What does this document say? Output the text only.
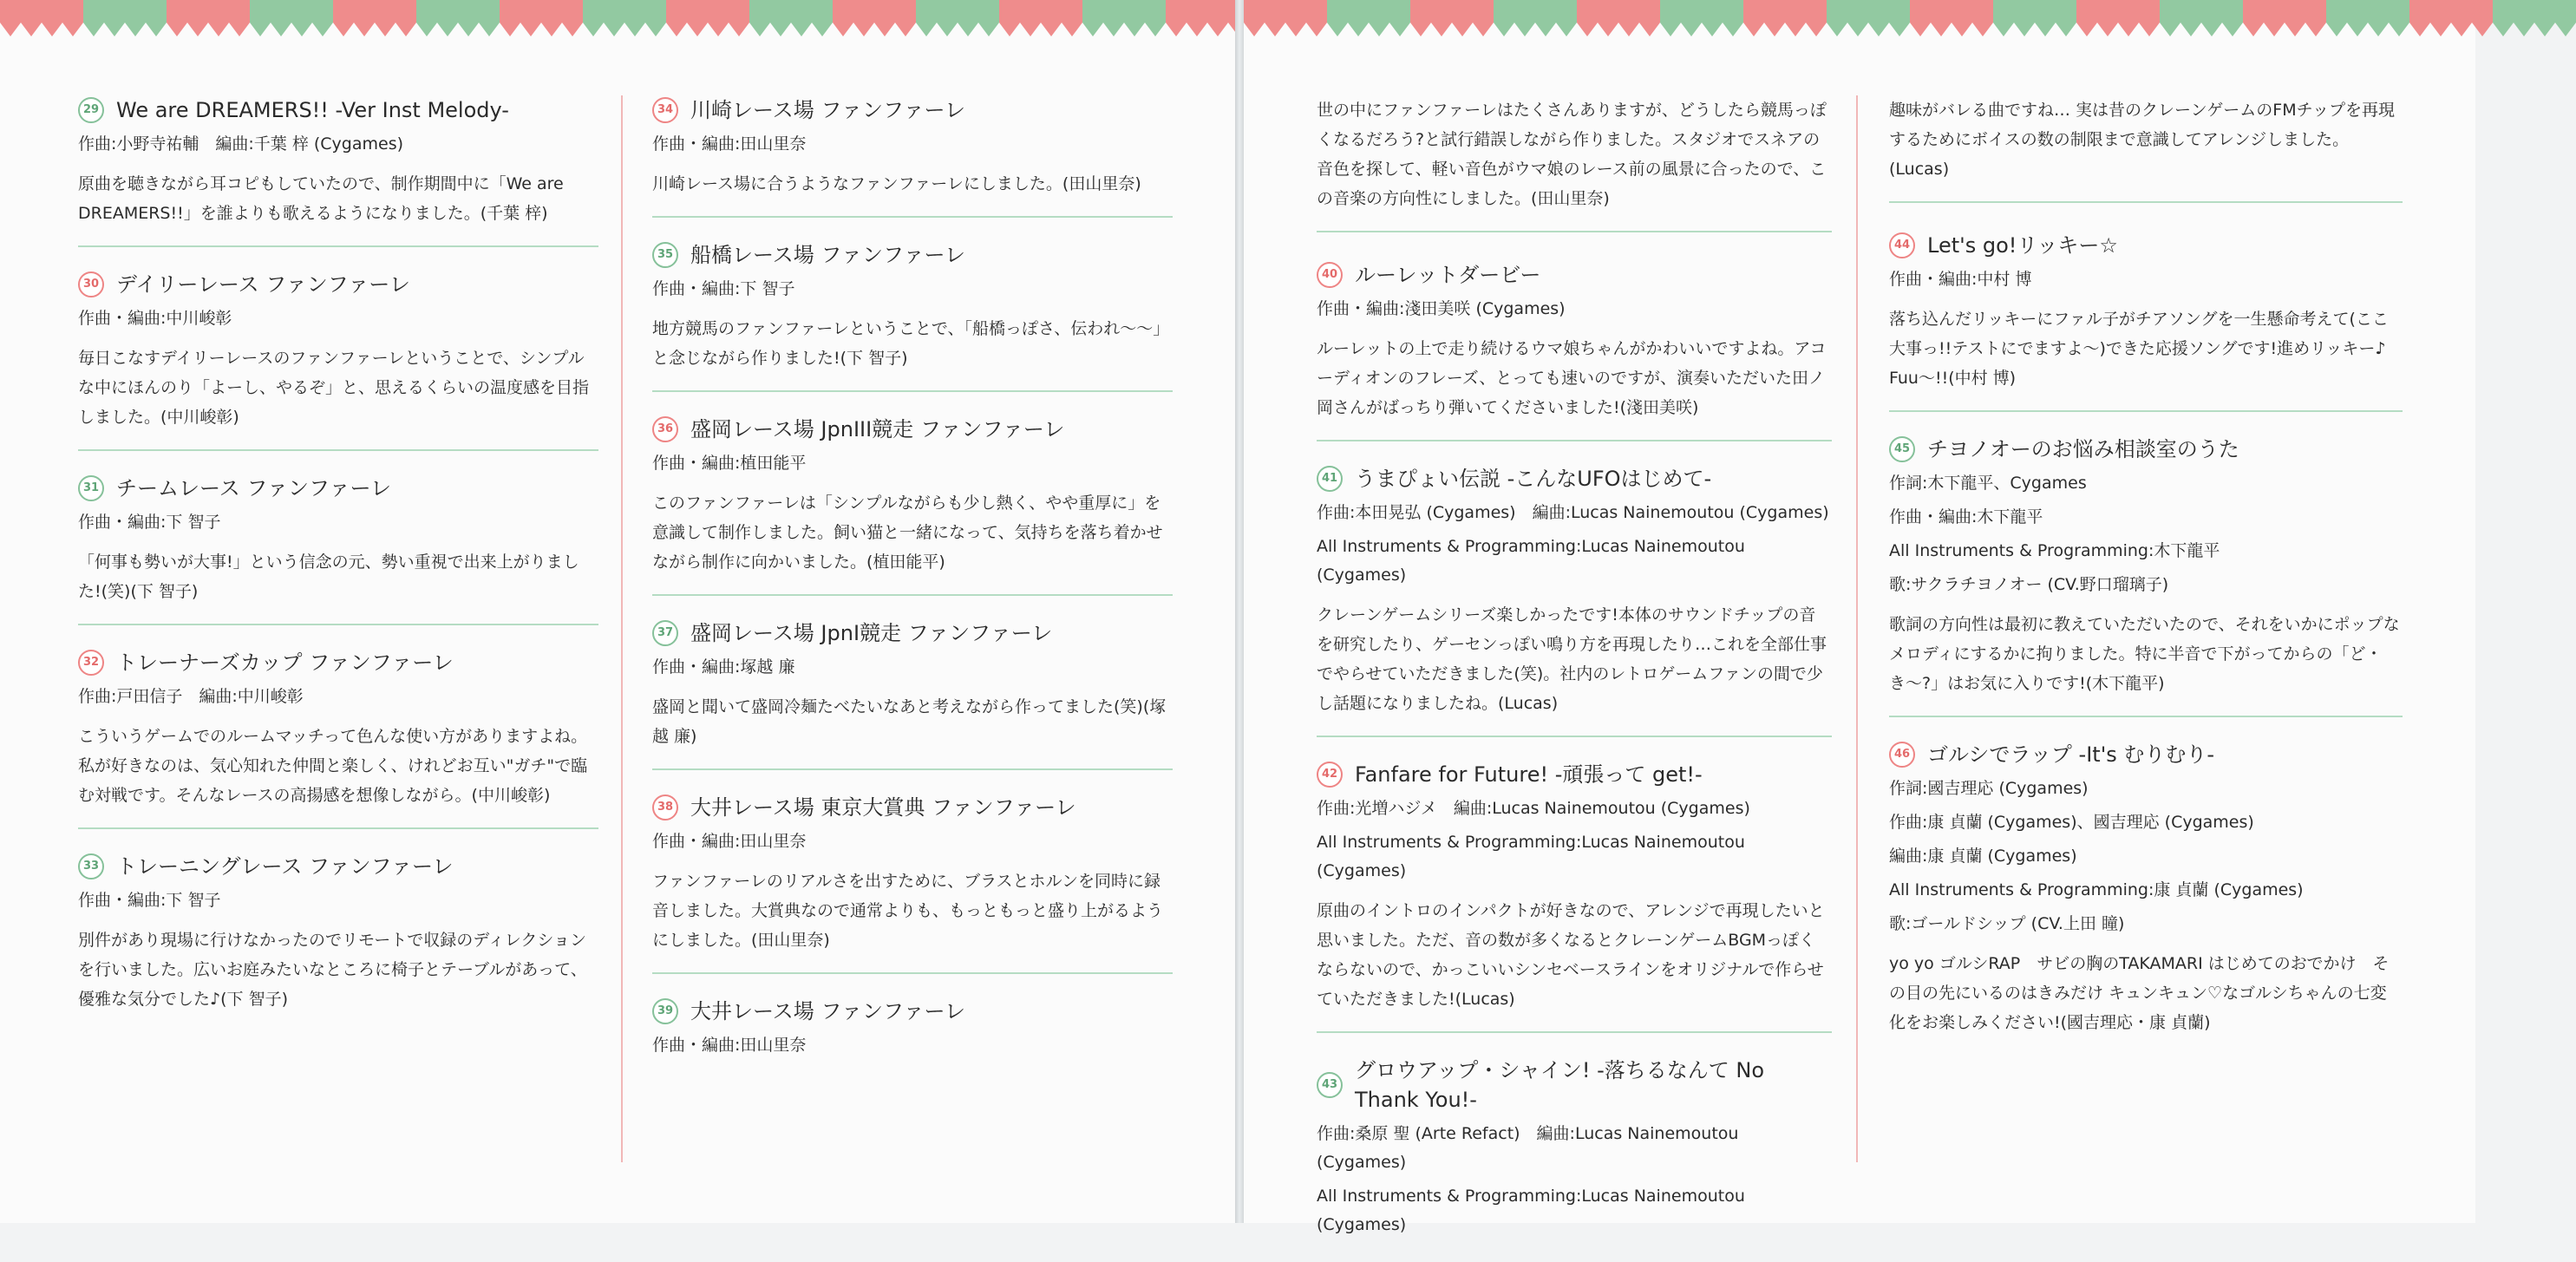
29 We are DREAMERS!! -Ver Inst Melody-
作曲:小野寺祐輔　編曲:千葉 梓 (Cygames)
原曲を聴きながら耳コピもしていたので、制作期間中に「We are DREAMERS!!」を誰よりも歌えるようになりました。(千葉 梓)
30 デイリーレース ファンファーレ
作曲・編曲:中川峻彰
毎日こなすデイリーレースのファンファーレということで、シンプルな中にほんのり「よーし、やるぞ」と、思えるくらいの温度感を目指しました。(中川峻彰)
31 チームレース ファンファーレ
作曲・編曲:下 智子
「何事も勢いが大事!」という信念の元、勢い重視で出来上がりました!(笑)(下 智子)
32 トレーナーズカップ ファンファーレ
作曲:戸田信子　編曲:中川峻彰
こういうゲームでのルームマッチって色んな使い方がありますよね。私が好きなのは、気心知れた仲間と楽しく、けれどお互い"ガチ"で臨む対戦です。そんなレースの高揚感を想像しながら。(中川峻彰)
33 トレーニングレース ファンファーレ
作曲・編曲:下 智子
別件があり現場に行けなかったのでリモートで収録のディレクションを行いました。広いお庭みたいなところに椅子とテーブルがあって、優雅な気分でした♪(下 智子)
34 川崎レース場 ファンファーレ
作曲・編曲:田山里奈
川崎レース場に合うようなファンファーレにしました。(田山里奈)
35 船橋レース場 ファンファーレ
作曲・編曲:下 智子
地方競馬のファンファーレということで、「船橋っぽさ、伝われ〜〜」と念じながら作りました!(下 智子)
36 盛岡レース場 JpnIII競走 ファンファーレ
作曲・編曲:植田能平
このファンファーレは「シンプルながらも少し熱く、やや重厚に」を意識して制作しました。飼い猫と一緒になって、気持ちを落ち着かせながら制作に向かいました。(植田能平)
37 盛岡レース場 JpnI競走 ファンファーレ
作曲・編曲:塚越 廉
盛岡と聞いて盛岡冷麺たべたいなあと考えながら作ってました(笑)(塚越 廉)
38 大井レース場 東京大賞典 ファンファーレ
作曲・編曲:田山里奈
ファンファーレのリアルさを出すために、ブラスとホルンを同時に録音しました。大賞典なので通常よりも、もっともっと盛り上がるようにしました。(田山里奈)
39 大井レース場 ファンファーレ
作曲・編曲:田山里奈
世の中にファンファーレはたくさんありますが、どうしたら競馬っぽくなるだろう?と試行錯誤しながら作りました。スタジオでスネアの音色を探して、軽い音色がウマ娘のレース前の風景に合ったので、この音楽の方向性にしました。(田山里奈)
40 ルーレットダービー
作曲・編曲:淺田美咲 (Cygames)
ルーレットの上で走り続けるウマ娘ちゃんがかわいいですよね。アコーディオンのフレーズ、とっても速いのですが、演奏いただいた田ノ岡さんがばっちり弾いてくださいました!(淺田美咲)
41 うまぴょい伝説 -こんなUFOはじめて-
作曲:本田晃弘 (Cygames)　編曲:Lucas Nainemoutou (Cygames)
All Instruments & Programming:Lucas Nainemoutou (Cygames)
クレーンゲームシリーズ楽しかったです!本体のサウンドチップの音を研究したり、ゲーセンっぽい鳴り方を再現したり…これを全部仕事でやらせていただきました(笑)。社内のレトロゲームファンの間で少し話題になりましたね。(Lucas)
42 Fanfare for Future! -頑張って get!-
作曲:光増ハジメ　編曲:Lucas Nainemoutou (Cygames)
All Instruments & Programming:Lucas Nainemoutou (Cygames)
原曲のイントロのインパクトが好きなので、アレンジで再現したいと思いました。ただ、音の数が多くなるとクレーンゲームBGMっぽくならないので、かっこいいシンセベースラインをオリジナルで作らせていただきました!(Lucas)
43
グロウアップ・シャイン! -落ちるなんて No Thank You!-
作曲:桑原 聖 (Arte Refact)　編曲:Lucas Nainemoutou (Cygames)
All Instruments & Programming:Lucas Nainemoutou (Cygames)
趣味がバレる曲ですね… 実は昔のクレーンゲームのFMチップを再現するためにボイスの数の制限まで意識してアレンジしました。(Lucas)
44 Let's go!リッキー☆
作曲・編曲:中村 博
落ち込んだリッキーにファル子がチアソングを一生懸命考えて(ここ大事っ!!テストにでますよ〜)できた応援ソングです!進めリッキー♪　Fuu〜!!(中村 博)
45 チヨノオーのお悩み相談室のうた
作詞:木下龍平、Cygames
作曲・編曲:木下龍平
All Instruments & Programming:木下龍平
歌:サクラチヨノオー (CV.野口瑠璃子)
歌詞の方向性は最初に教えていただいたので、それをいかにポップなメロディにするかに拘りました。特に半音で下がってからの「ど・き〜?」はお気に入りです!(木下龍平)
46 ゴルシでラップ -It's むりむり-
作詞:國吉理応 (Cygames)
作曲:康 貞蘭 (Cygames)、國吉理応 (Cygames)
編曲:康 貞蘭 (Cygames)
All Instruments & Programming:康 貞蘭 (Cygames)
歌:ゴールドシップ (CV.上田 瞳)
yo yo ゴルシRAP　サビの胸のTAKAMARI はじめてのおでかけ　その目の先にいるのはきみだけ キュンキュン♡なゴルシちゃんの七変化をお楽しみください!(國吉理応・康 貞蘭)
